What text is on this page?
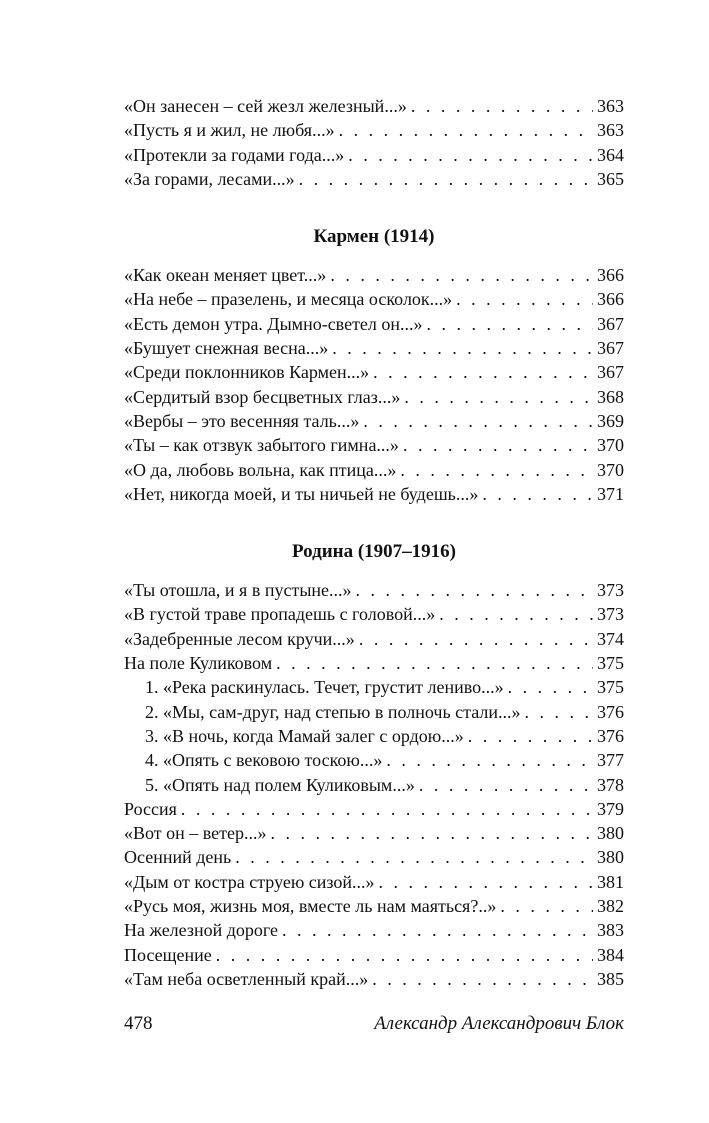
«Он занесен – сей жезл железный...» . . .	363
«Пусть я и жил, не любя...» . . .	363
«Протекли за годами года...» . . .	364
«За горами, лесами...» . . .	365
Кармен (1914)
«Как океан меняет цвет...» . . .	366
«На небе – празелень, и месяца осколок...» . . .	366
«Есть демон утра. Дымно-светел он...» . . .	367
«Бушует снежная весна...» . . .	367
«Среди поклонников Кармен...» . . .	367
«Сердитый взор бесцветных глаз...» . . .	368
«Вербы – это весенняя таль...» . . .	369
«Ты – как отзвук забытого гимна...» . . .	370
«О да, любовь вольна, как птица...» . . .	370
«Нет, никогда моей, и ты ничьей не будешь...» . . .	371
Родина (1907–1916)
«Ты отошла, и я в пустыне...» . . .	373
«В густой траве пропадешь с головой...» . . .	373
«Задебренные лесом кручи...» . . .	374
На поле Куликовом . . .	375
1. «Река раскинулась. Течет, грустит лениво...» . . .	375
2. «Мы, сам-друг, над степью в полночь стали...» . . .	376
3. «В ночь, когда Мамай залег с ордою...» . . .	376
4. «Опять с вековою тоскою...» . . .	377
5. «Опять над полем Куликовым...» . . .	378
Россия . . .	379
«Вот он – ветер...» . . .	380
Осенний день . . .	380
«Дым от костра струею сизой...» . . .	381
«Русь моя, жизнь моя, вместе ль нам маяться?..» . . .	382
На железной дороге . . .	383
Посещение . . .	384
«Там неба осветленный край...» . . .	385
478	Александр Александрович Блок
